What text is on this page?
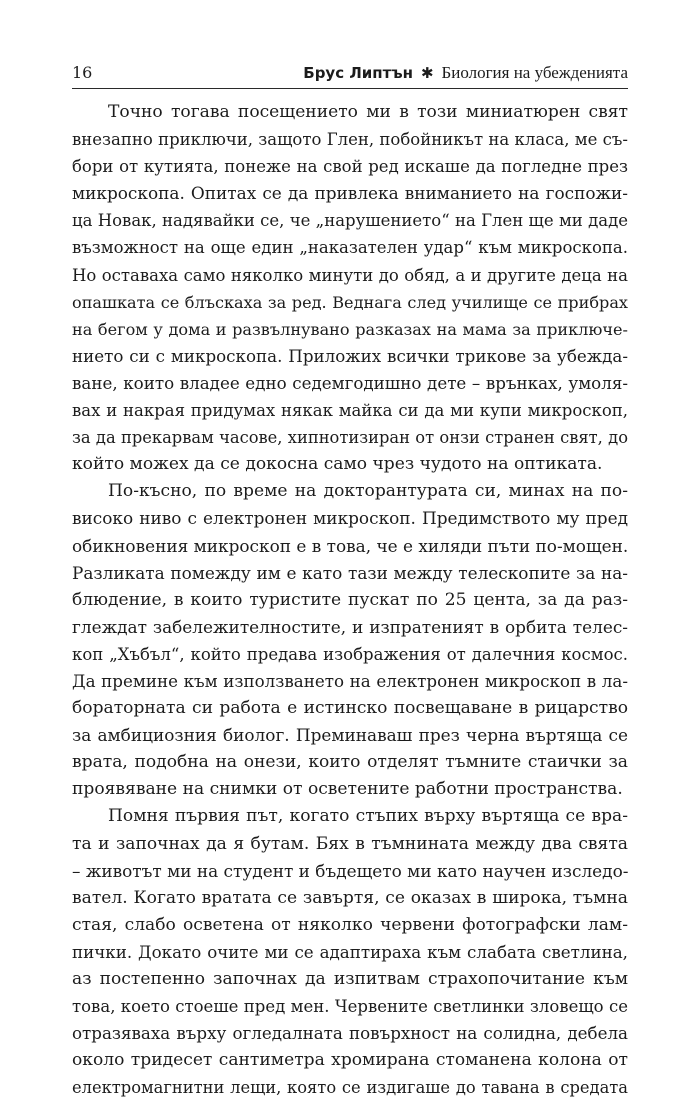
16	Брус Липтън ✱ Биология на убежденията

Точно тогава посещението ми в този миниатюрен свят
внезапно приключи, защото Глен, побойникът на класа, ме съ-
бори от кутията, понеже на свой ред искаше да погледне през
микроскопа. Опитах се да привлека вниманието на госпожи-
ца Новак, надявайки се, че „нарушението“ на Глен ще ми даде
възможност на още един „наказателен удар“ към микроскопа.
Но оставаха само няколко минути до обяд, а и другите деца на
опашката се блъскаха за ред. Веднага след училище се прибрах
на бегом у дома и развълнувано разказах на мама за приключе-
нието си с микроскопа. Приложих всички трикове за убежда-
ване, които владее едно седемгодишно дете – врънках, умоля-
вах и накрая придумах някак майка си да ми купи микроскоп,
за да прекарвам часове, хипнотизиран от онзи странен свят, до
който можех да се докосна само чрез чудото на оптиката.

По-късно, по време на докторантурата си, минах на по-
високо ниво с електронен микроскоп. Предимството му пред
обикновения микроскоп е в това, че е хиляди пъти по-мощен.
Разликата помежду им е като тази между телескопите за на-
блюдение, в които туристите пускат по 25 цента, за да раз-
глеждат забележителностите, и изпратеният в орбита телес-
коп „Хъбъл“, който предава изображения от далечния космос.
Да премине към използването на електронен микроскоп в ла-
бораторната си работа е истинско посвещаване в рицарство
за амбициозния биолог. Преминаваш през черна въртяща се
врата, подобна на онези, които отделят тъмните стаички за
проявяване на снимки от осветените работни пространства.

Помня първия път, когато стъпих върху въртяща се вра-
та и започнах да я бутам. Бях в тъмнината между два свята
– животът ми на студент и бъдещето ми като научен изследо-
вател. Когато вратата се завъртя, се оказах в широка, тъмна
стая, слабо осветена от няколко червени фотографски лам-
пички. Докато очите ми се адаптираха към слабата светлина,
аз постепенно започнах да изпитвам страхопочитание към
това, което стоеше пред мен. Червените светлинки зловещо се
отразяваха върху огледалната повърхност на солидна, дебела
около тридесет сантиметра хромирана стоманена колона от
електромагнитни лещи, която се издигаше до тавана в средата
